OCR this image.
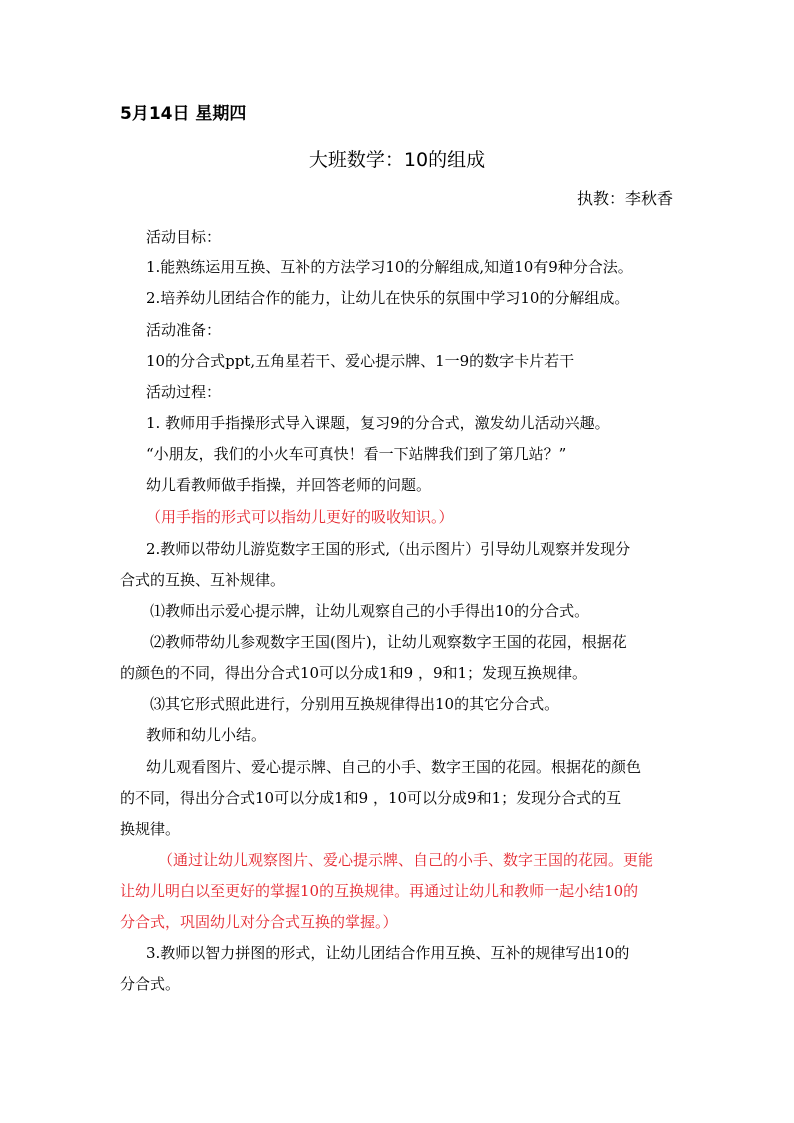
5月14日 星期四
大班数学：10的组成
执教：李秋香
活动目标：
1.能熟练运用互换、互补的方法学习10的分解组成,知道10有9种分合法。
2.培养幼儿团结合作的能力，让幼儿在快乐的氛围中学习10的分解组成。
活动准备：
10的分合式ppt,五角星若干、爱心提示牌、1一9的数字卡片若干
活动过程：
1. 教师用手指操形式导入课题，复习9的分合式，激发幼儿活动兴趣。
“小朋友，我们的小火车可真快！看一下站牌我们到了第几站？”
幼儿看教师做手指操，并回答老师的问题。
（用手指的形式可以指幼儿更好的吸收知识。）
2.教师以带幼儿游览数字王国的形式,（出示图片）引导幼儿观察并发现分
合式的互换、互补规律。
⑴教师出示爱心提示牌，让幼儿观察自己的小手得出10的分合式。
⑵教师带幼儿参观数字王国(图片)，让幼儿观察数字王国的花园，根据花
的颜色的不同，得出分合式10可以分成1和9 ，9和1；发现互换规律。
⑶其它形式照此进行，分别用互换规律得出10的其它分合式。
教师和幼儿小结。
幼儿观看图片、爱心提示牌、自己的小手、数字王国的花园。根据花的颜色
的不同，得出分合式10可以分成1和9 ，10可以分成9和1；发现分合式的互
换规律。
（通过让幼儿观察图片、爱心提示牌、自己的小手、数字王国的花园。更能
让幼儿明白以至更好的掌握10的互换规律。再通过让幼儿和教师一起小结10的
分合式，巩固幼儿对分合式互换的掌握。）
3.教师以智力拼图的形式，让幼儿团结合作用互换、互补的规律写出10的
分合式。
